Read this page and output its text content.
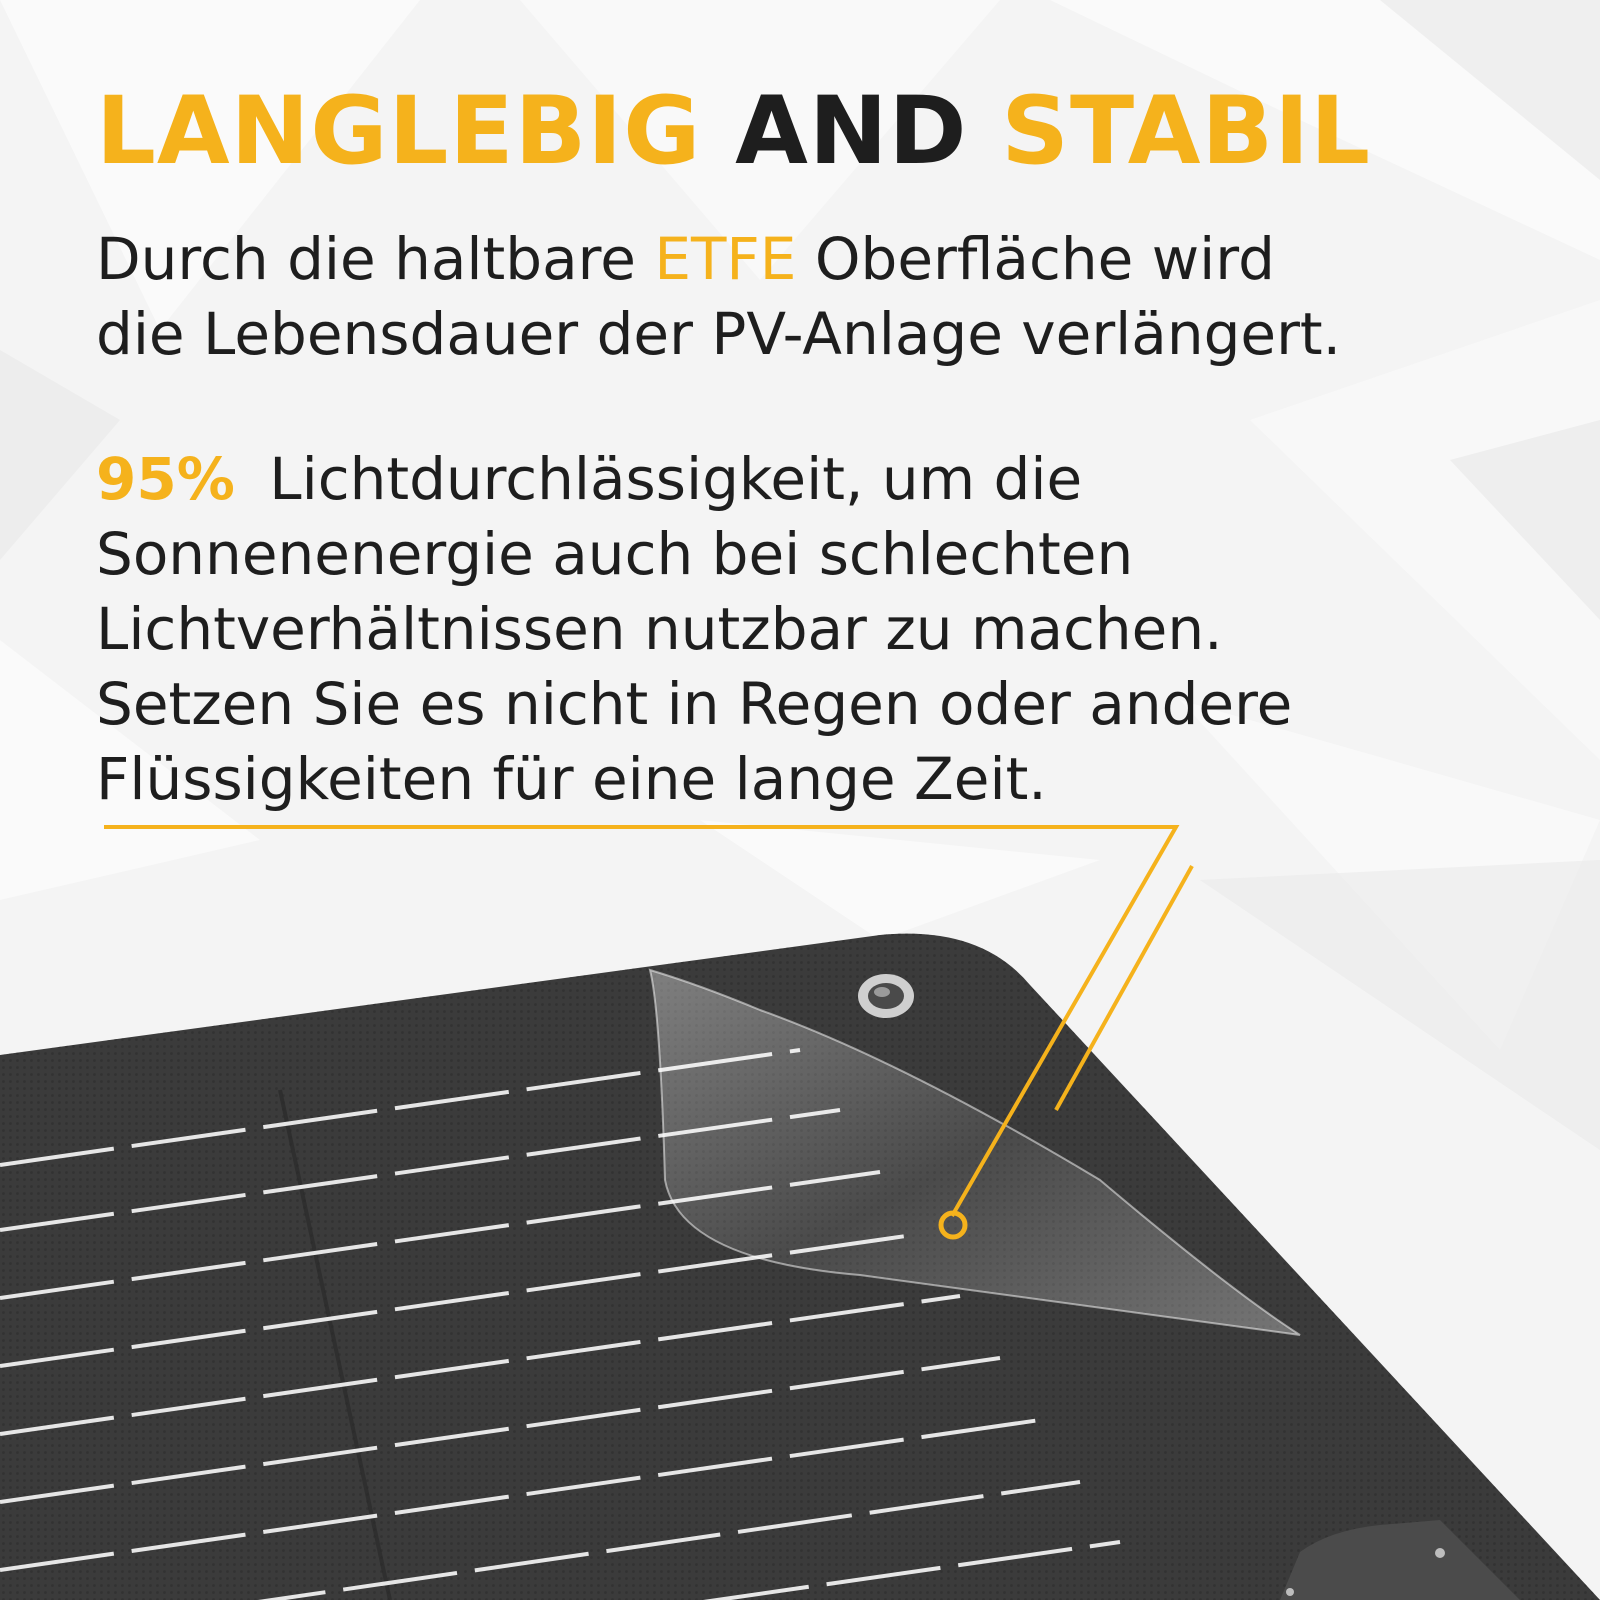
LANGLEBIG AND STABIL

Durch die haltbare ETFE Oberfläche wird
die Lebensdauer der PV-Anlage verlängert.

95% Lichtdurchlässigkeit, um die
Sonnenenergie auch bei schlechten
Lichtverhältnissen nutzbar zu machen.
Setzen Sie es nicht in Regen oder andere
Flüssigkeiten für eine lange Zeit.
